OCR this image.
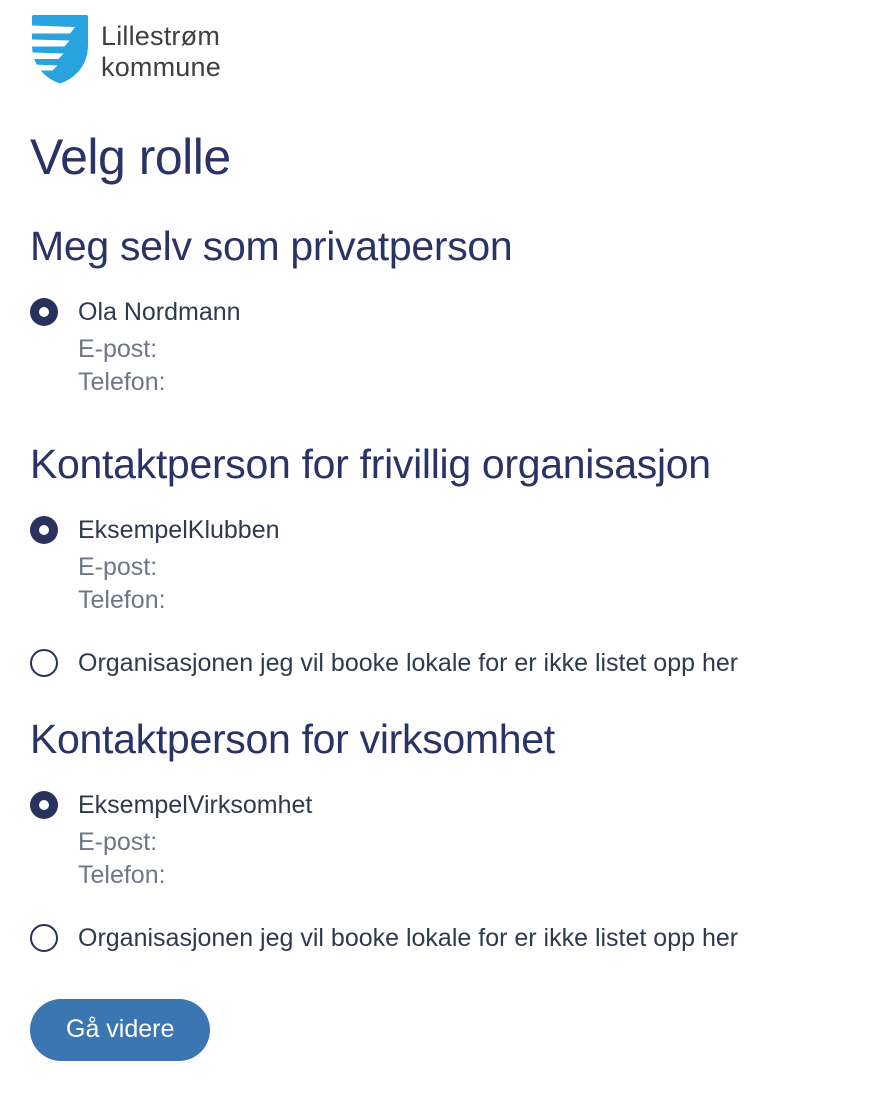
Lillestrøm
kommune
Velg rolle
Meg selv som privatperson
Ola Nordmann
E-post:
Telefon:
Kontaktperson for frivillig organisasjon
EksempelKlubben
E-post:
Telefon:
Organisasjonen jeg vil booke lokale for er ikke listet opp her
Kontaktperson for virksomhet
EksempelVirksomhet
E-post:
Telefon:
Organisasjonen jeg vil booke lokale for er ikke listet opp her
Gå videre
